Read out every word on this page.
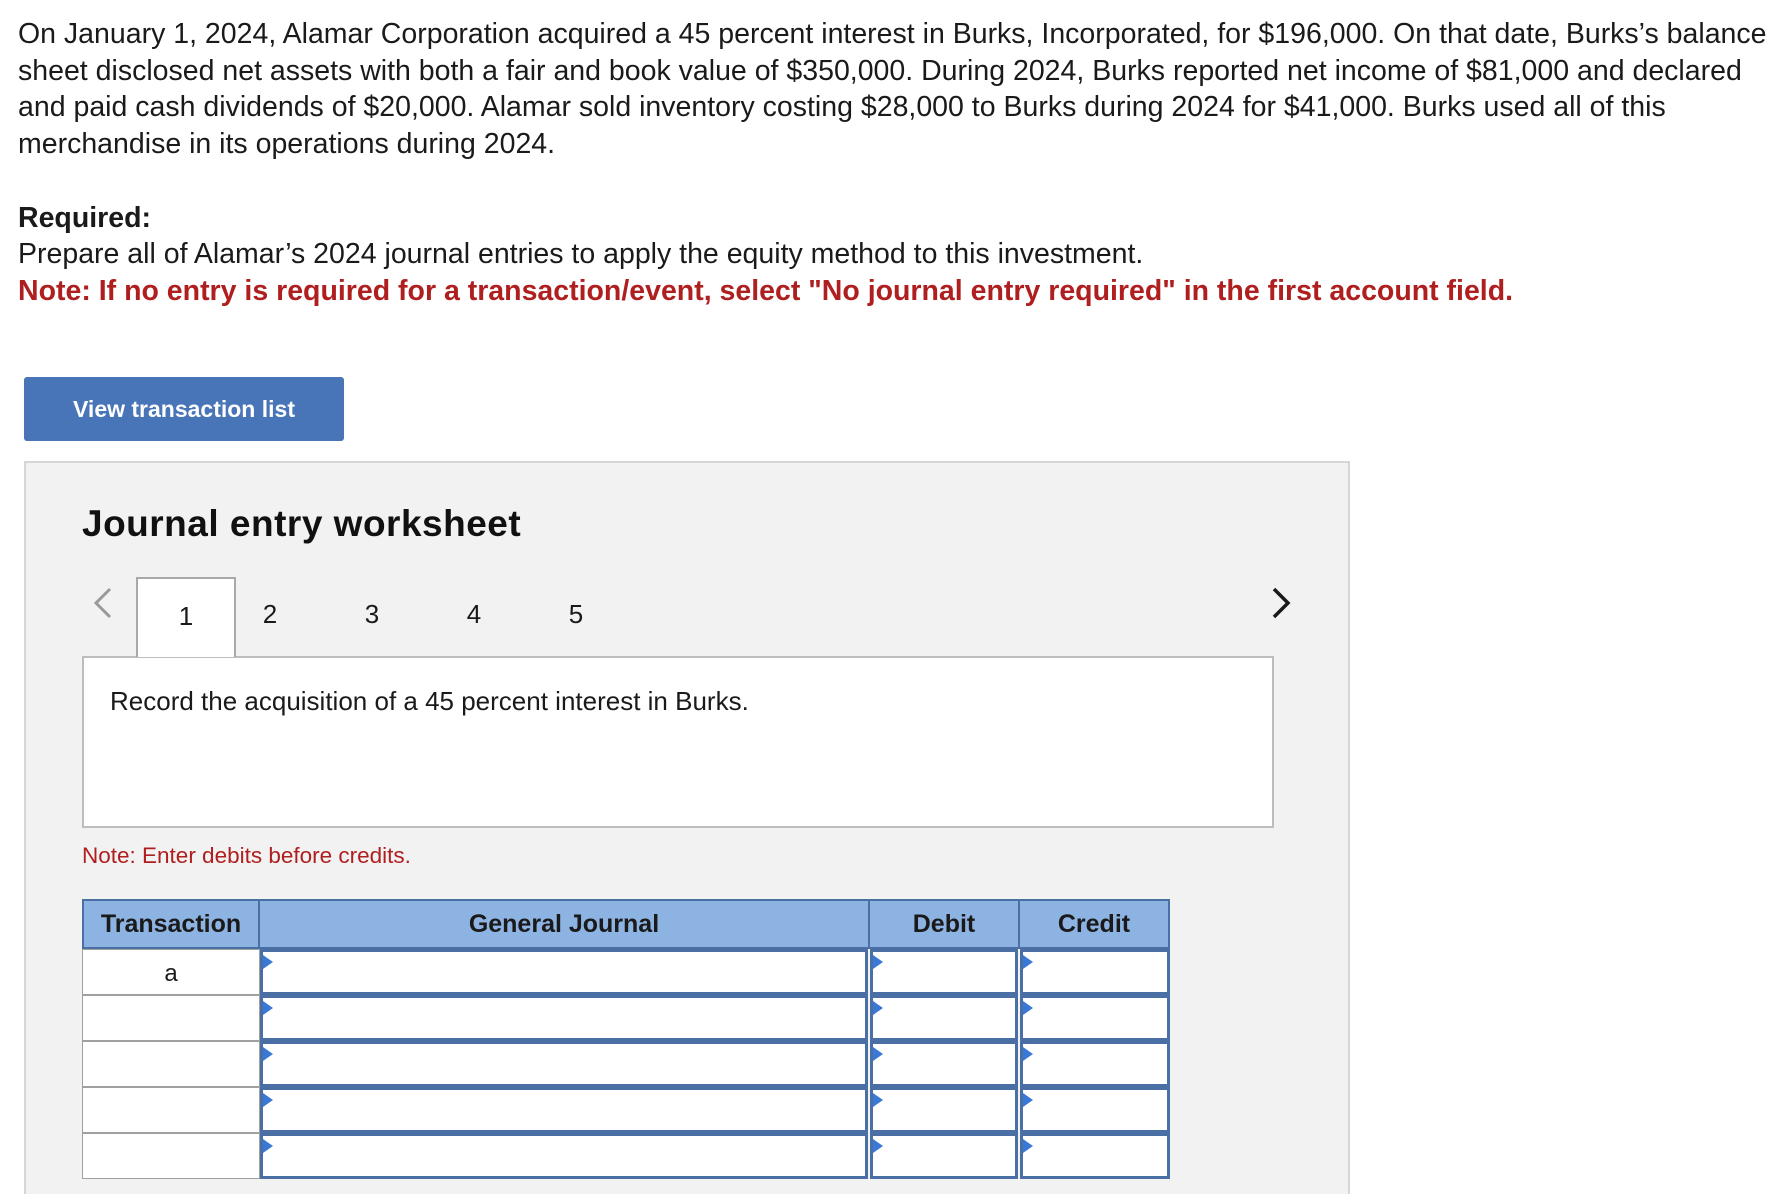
On January 1, 2024, Alamar Corporation acquired a 45 percent interest in Burks, Incorporated, for $196,000. On that date, Burks’s balance sheet disclosed net assets with both a fair and book value of $350,000. During 2024, Burks reported net income of $81,000 and declared and paid cash dividends of $20,000. Alamar sold inventory costing $28,000 to Burks during 2024 for $41,000. Burks used all of this merchandise in its operations during 2024.
Required:
Prepare all of Alamar’s 2024 journal entries to apply the equity method to this investment.
Note: If no entry is required for a transaction/event, select "No journal entry required" in the first account field.
View transaction list
Journal entry worksheet
1	2	3	4	5
Record the acquisition of a 45 percent interest in Burks.
Note: Enter debits before credits.
Transaction	General Journal	Debit	Credit
a
